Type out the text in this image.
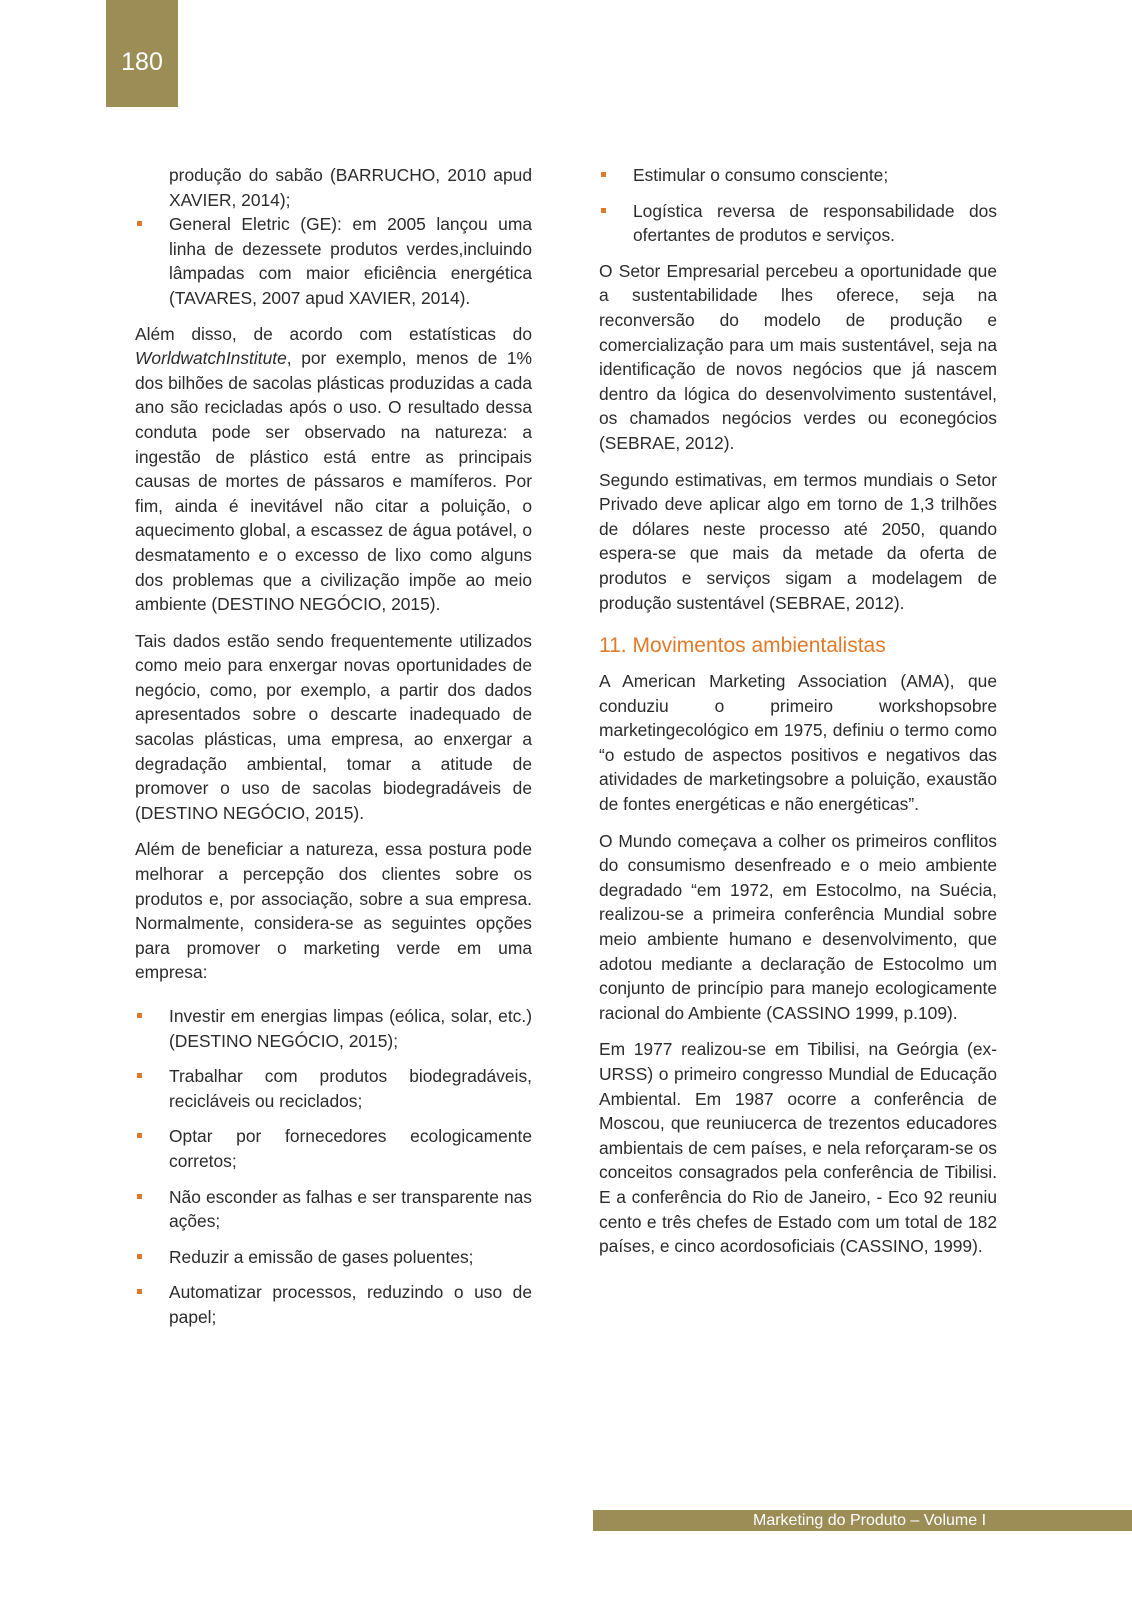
180

produção do sabão (BARRUCHO, 2010 apud XAVIER, 2014);

General Eletric (GE): em 2005 lançou uma linha de dezessete produtos verdes,incluindo lâmpadas com maior eficiência energética (TAVARES, 2007 apud XAVIER, 2014).

Além disso, de acordo com estatísticas do WorldwatchInstitute, por exemplo, menos de 1% dos bilhões de sacolas plásticas produzidas a cada ano são recicladas após o uso. O resultado dessa conduta pode ser observado na natureza: a ingestão de plástico está entre as principais causas de mortes de pássaros e mamíferos. Por fim, ainda é inevitável não citar a poluição, o aquecimento global, a escassez de água potável, o desmatamento e o excesso de lixo como alguns dos problemas que a civilização impõe ao meio ambiente (DESTINO NEGÓCIO, 2015).

Tais dados estão sendo frequentemente utilizados como meio para enxergar novas oportunidades de negócio, como, por exemplo, a partir dos dados apresentados sobre o descarte inadequado de sacolas plásticas, uma empresa, ao enxergar a degradação ambiental, tomar a atitude de promover o uso de sacolas biodegradáveis de (DESTINO NEGÓCIO, 2015).

Além de beneficiar a natureza, essa postura pode melhorar a percepção dos clientes sobre os produtos e, por associação, sobre a sua empresa. Normalmente, considera-se as seguintes opções para promover o marketing verde em uma empresa:

Investir em energias limpas (eólica, solar, etc.)(DESTINO NEGÓCIO, 2015);
Trabalhar com produtos biodegradáveis, recicláveis ou reciclados;
Optar por fornecedores ecologicamente corretos;
Não esconder as falhas e ser transparente nas ações;
Reduzir a emissão de gases poluentes;
Automatizar processos, reduzindo o uso de papel;
Estimular o consumo consciente;
Logística reversa de responsabilidade dos ofertantes de produtos e serviços.

O Setor Empresarial percebeu a oportunidade que a sustentabilidade lhes oferece, seja na reconversão do modelo de produção e comercialização para um mais sustentável, seja na identificação de novos negócios que já nascem dentro da lógica do desenvolvimento sustentável, os chamados negócios verdes ou econegócios (SEBRAE, 2012).

Segundo estimativas, em termos mundiais o Setor Privado deve aplicar algo em torno de 1,3 trilhões de dólares neste processo até 2050, quando espera-se que mais da metade da oferta de produtos e serviços sigam a modelagem de produção sustentável (SEBRAE, 2012).

11. Movimentos ambientalistas

A American Marketing Association (AMA), que conduziu o primeiro workshopsobre marketingecológico em 1975, definiu o termo como “o estudo de aspectos positivos e negativos das atividades de marketingsobre a poluição, exaustão de fontes energéticas e não energéticas”.

O Mundo começava a colher os primeiros conflitos do consumismo desenfreado e o meio ambiente degradado “em 1972, em Estocolmo, na Suécia, realizou-se a primeira conferência Mundial sobre meio ambiente humano e desenvolvimento, que adotou mediante a declaração de Estocolmo um conjunto de princípio para manejo ecologicamente racional do Ambiente (CASSINO 1999, p.109).

Em 1977 realizou-se em Tibilisi, na Geórgia (ex-URSS) o primeiro congresso Mundial de Educação Ambiental. Em 1987 ocorre a conferência de Moscou, que reuniucerca de trezentos educadores ambientais de cem países, e nela reforçaram-se os conceitos consagrados pela conferência de Tibilisi. E a conferência do Rio de Janeiro, - Eco 92 reuniu cento e três chefes de Estado com um total de 182 países, e cinco acordosoficiais (CASSINO, 1999).

Marketing do Produto – Volume I
